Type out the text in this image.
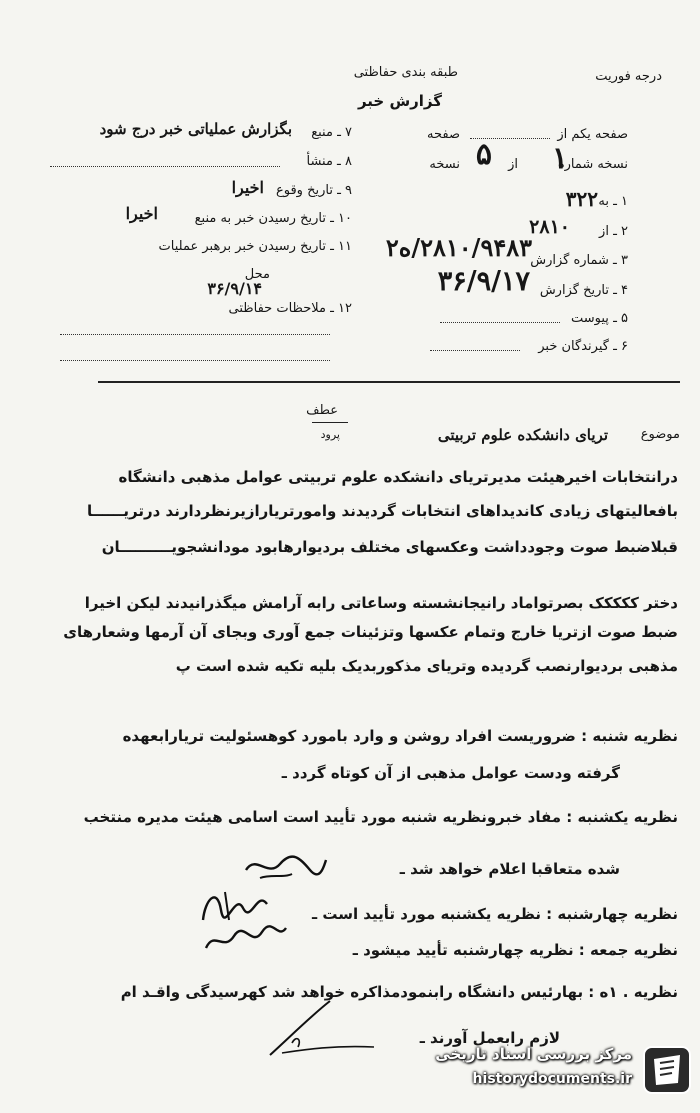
درجه فوریت
طبقه بندی حفاظتی
گزارش خبر
۷ ـ منبع
بگزارش عملیاتی خبر درج شود
۸ ـ منشأ
۹ ـ تاریخ وقوع
اخیرا
۱۰ ـ تاریخ رسیدن خبر به منبع
اخیرا
۱۱ ـ تاریخ رسیدن خبر برهبر عملیات
محل
۳۶/۹/۱۴
۱۲ ـ ملاحظات حفاظتی
صفحه یکم از
صفحه
نسخه شماره
۱
از
۵
نسخه
۱ ـ به
۳۲۲
۲ ـ از
۲۸۱۰
۳ ـ شماره گزارش
۲۸۱۰/۹۴۸۳/ه۲
۴ ـ تاریخ گزارش
۳۶/۹/۱۷
۵ ـ پیوست
۶ ـ گیرندگان خبر
عطف
پرود	موضوع
تریای دانشکده علوم تربیتی
درانتخابات اخیرهیئت مدیرتریای دانشکده علوم تربیتی عوامل مذهبی دانشگاه
بافعالیتهای زیادی کاندیداهای انتخابات گردیدند وامورتریارازیرنظردارند درتریــــــا
قبلاضبط صوت وجودداشت وعکسهای مختلف بردیوارهابود مودانشجویــــــــــان
دختر ککککک بصرتواماد رانیجانشسته وساعاتی رابه آرامش میگذرانیدند لیکن اخیرا
ضبط صوت ازتریا خارج وتمام عکسها وتزئینات جمع آوری وبجای آن آرمها وشعارهای
مذهبی بردیوارنصب گردیده وتریای مذکوربدیک بلیه تکیه شده است پ
نظریه شنبه : ضروریست افراد روشن و وارد بامورد کوهسئولیت تریارابعهده
گرفته ودست عوامل مذهبی از آن کوتاه گردد ـ
نظریه یکشنبه : مفاد خبرونظریه شنبه مورد تأیید است اسامی هیئت مدیره منتخب
شده متعاقبا اعلام خواهد شد ـ
نظریه چهارشنبه : نظریه یکشنبه مورد تأیید است ـ
نظریه جمعه : نظریه چهارشنبه تأیید میشود ـ
نظریه . ۱ه : بهارئیس دانشگاه رابنمودمذاکره خواهد شد کهرسیدگی واقـد ام
لازم رابعمل آورند ـ
مرکز بررسی اسناد تاریخی
historydocuments.ir
